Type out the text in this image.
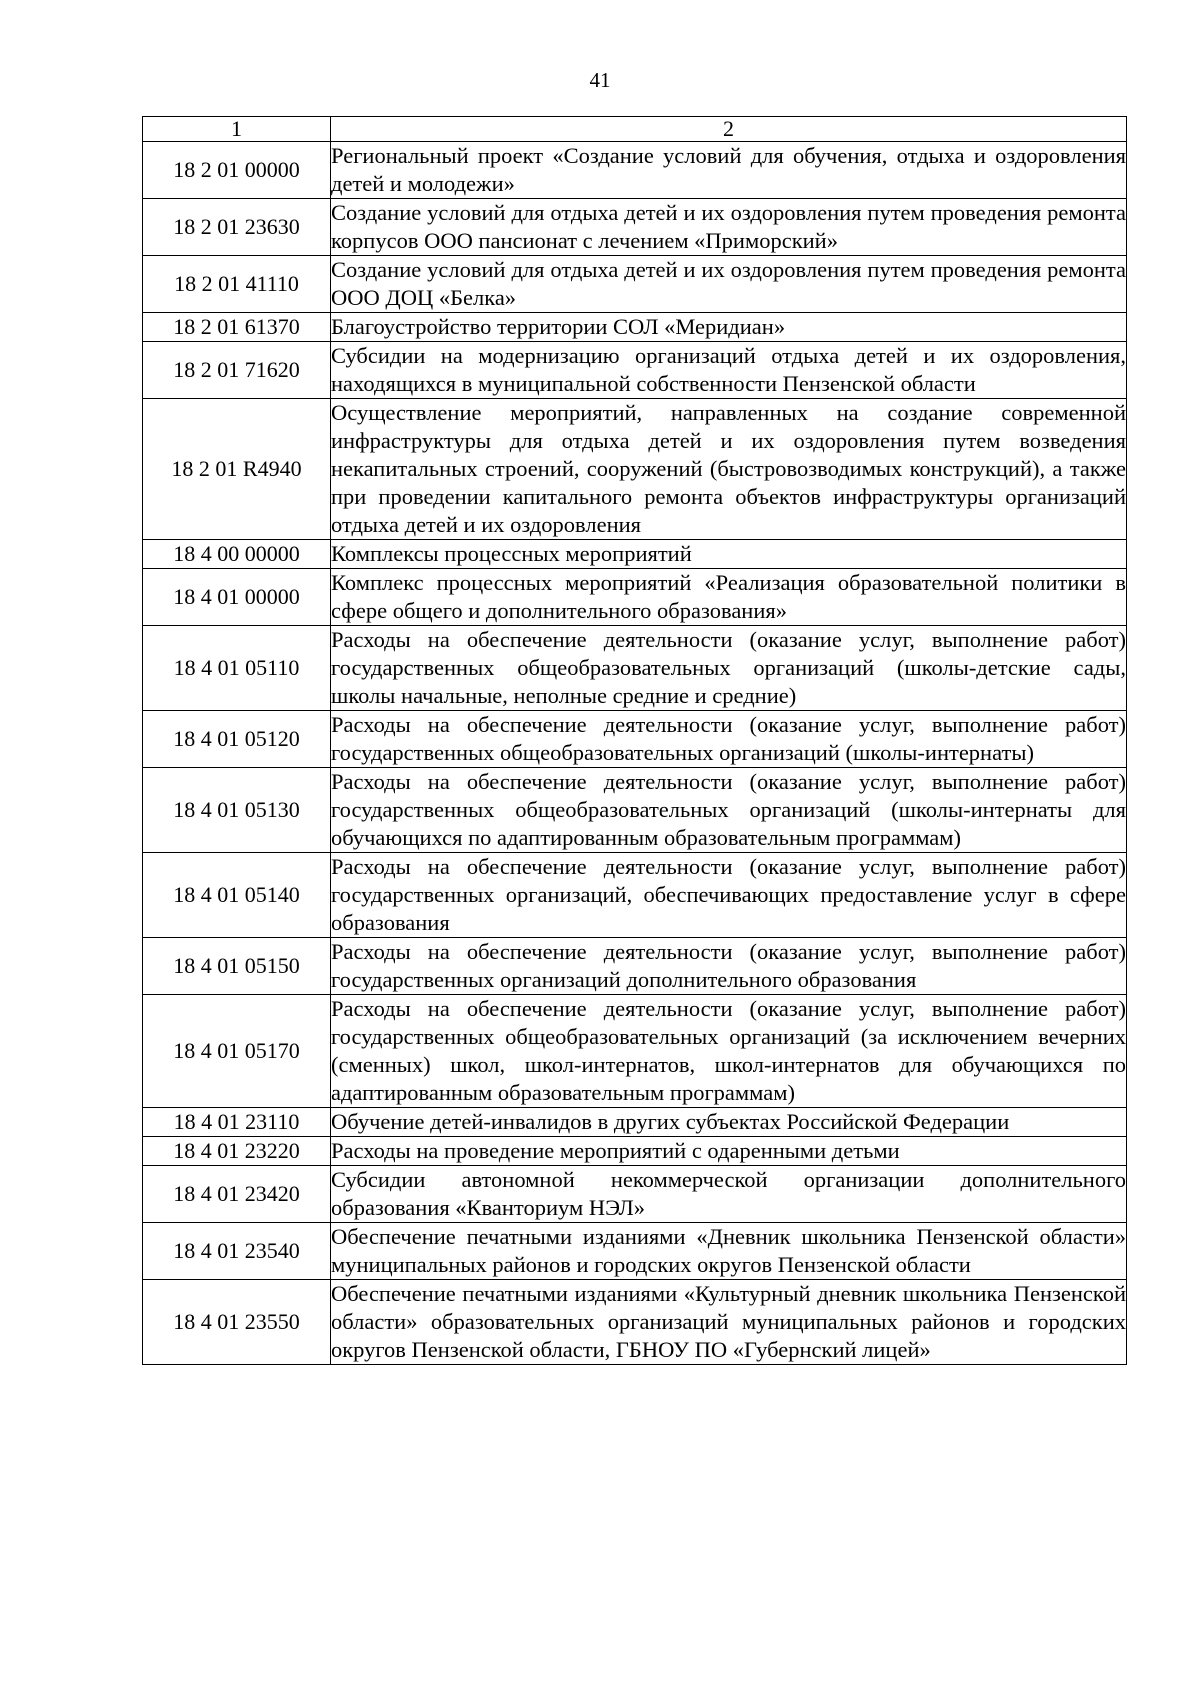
41
1	2
18 2 01 00000	Региональный проект «Создание условий для обучения, отдыха и оздоровления детей и молодежи»
18 2 01 23630	Создание условий для отдыха детей и их оздоровления путем проведения ремонта корпусов ООО пансионат с лечением «Приморский»
18 2 01 41110	Создание условий для отдыха детей и их оздоровления путем проведения ремонта ООО ДОЦ «Белка»
18 2 01 61370	Благоустройство территории СОЛ «Меридиан»
18 2 01 71620	Субсидии на модернизацию организаций отдыха детей и их оздоровления, находящихся в муниципальной собственности Пензенской области
18 2 01 R4940	Осуществление мероприятий, направленных на создание современной инфраструктуры для отдыха детей и их оздоровления путем возведения некапитальных строений, сооружений (быстровозводимых конструкций), а также при проведении капитального ремонта объектов инфраструктуры организаций отдыха детей и их оздоровления
18 4 00 00000	Комплексы процессных мероприятий
18 4 01 00000	Комплекс процессных мероприятий «Реализация образовательной политики в сфере общего и дополнительного образования»
18 4 01 05110	Расходы на обеспечение деятельности (оказание услуг, выполнение работ) государственных общеобразовательных организаций (школы-детские сады, школы начальные, неполные средние и средние)
18 4 01 05120	Расходы на обеспечение деятельности (оказание услуг, выполнение работ) государственных общеобразовательных организаций (школы-интернаты)
18 4 01 05130	Расходы на обеспечение деятельности (оказание услуг, выполнение работ) государственных общеобразовательных организаций (школы-интернаты для обучающихся по адаптированным образовательным программам)
18 4 01 05140	Расходы на обеспечение деятельности (оказание услуг, выполнение работ) государственных организаций, обеспечивающих предоставление услуг в сфере образования
18 4 01 05150	Расходы на обеспечение деятельности (оказание услуг, выполнение работ) государственных организаций дополнительного образования
18 4 01 05170	Расходы на обеспечение деятельности (оказание услуг, выполнение работ) государственных общеобразовательных организаций (за исключением вечерних (сменных) школ, школ-интернатов, школ-интернатов для обучающихся по адаптированным образовательным программам)
18 4 01 23110	Обучение детей-инвалидов в других субъектах Российской Федерации
18 4 01 23220	Расходы на проведение мероприятий с одаренными детьми
18 4 01 23420	Субсидии автономной некоммерческой организации дополнительного образования «Кванториум НЭЛ»
18 4 01 23540	Обеспечение печатными изданиями «Дневник школьника Пензенской области» муниципальных районов и городских округов Пензенской области
18 4 01 23550	Обеспечение печатными изданиями «Культурный дневник школьника Пензенской области» образовательных организаций муниципальных районов и городских округов Пензенской области, ГБНОУ ПО «Губернский лицей»
